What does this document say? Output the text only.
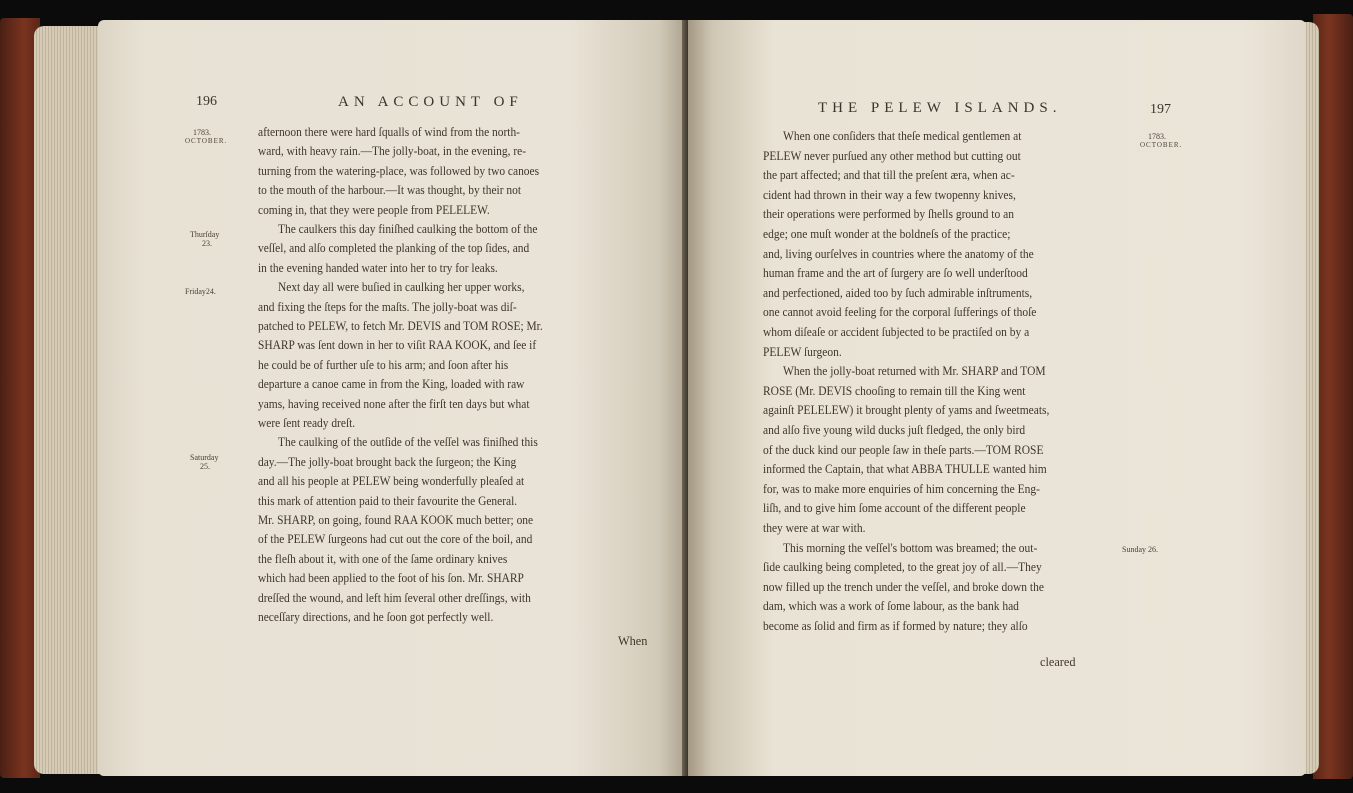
196	AN ACCOUNT OF
1783.
OCTOBER.
Thurſday
23.
Friday24.
Saturday
25.
afternoon there were hard ſqualls of wind from the north-
ward, with heavy rain.—The jolly-boat, in the evening, re-
turning from the watering-place, was followed by two canoes
to the mouth of the harbour.—It was thought, by their not
coming in, that they were people from PELELEW.
The caulkers this day finiſhed caulking the bottom of the
veſſel, and alſo completed the planking of the top ſides, and
in the evening handed water into her to try for leaks.
Next day all were buſied in caulking her upper works,
and fixing the ſteps for the maſts. The jolly-boat was diſ-
patched to PELEW, to fetch Mr. DEVIS and TOM ROSE; Mr.
SHARP was ſent down in her to viſit RAA KOOK, and ſee if
he could be of further uſe to his arm; and ſoon after his
departure a canoe came in from the King, loaded with raw
yams, having received none after the firſt ten days but what
were ſent ready dreſt.
The caulking of the outſide of the veſſel was finiſhed this
day.—The jolly-boat brought back the ſurgeon; the King
and all his people at PELEW being wonderfully pleaſed at
this mark of attention paid to their favourite the General.
Mr. SHARP, on going, found RAA KOOK much better; one
of the PELEW ſurgeons had cut out the core of the boil, and
the fleſh about it, with one of the ſame ordinary knives
which had been applied to the foot of his ſon. Mr. SHARP
dreſſed the wound, and left him ſeveral other dreſſings, with
neceſſary directions, and he ſoon got perfectly well.
When
THE PELEW ISLANDS.	197
1783.
OCTOBER.
Sunday 26.
When one conſiders that theſe medical gentlemen at
PELEW never purſued any other method but cutting out
the part affected; and that till the preſent æra, when ac-
cident had thrown in their way a few twopenny knives,
their operations were performed by ſhells ground to an
edge; one muſt wonder at the boldneſs of the practice;
and, living ourſelves in countries where the anatomy of the
human frame and the art of ſurgery are ſo well underſtood
and perfectioned, aided too by ſuch admirable inſtruments,
one cannot avoid feeling for the corporal ſufferings of thoſe
whom diſeaſe or accident ſubjected to be practiſed on by a
PELEW ſurgeon.
When the jolly-boat returned with Mr. SHARP and TOM
ROSE (Mr. DEVIS chooſing to remain till the King went
againſt PELELEW) it brought plenty of yams and ſweetmeats,
and alſo five young wild ducks juſt fledged, the only bird
of the duck kind our people ſaw in theſe parts.—TOM ROSE
informed the Captain, that what ABBA THULLE wanted him
for, was to make more enquiries of him concerning the Eng-
liſh, and to give him ſome account of the different people
they were at war with.
This morning the veſſel's bottom was breamed; the out-
ſide caulking being completed, to the great joy of all.—They
now filled up the trench under the veſſel, and broke down the
dam, which was a work of ſome labour, as the bank had
become as ſolid and firm as if formed by nature; they alſo
cleared
